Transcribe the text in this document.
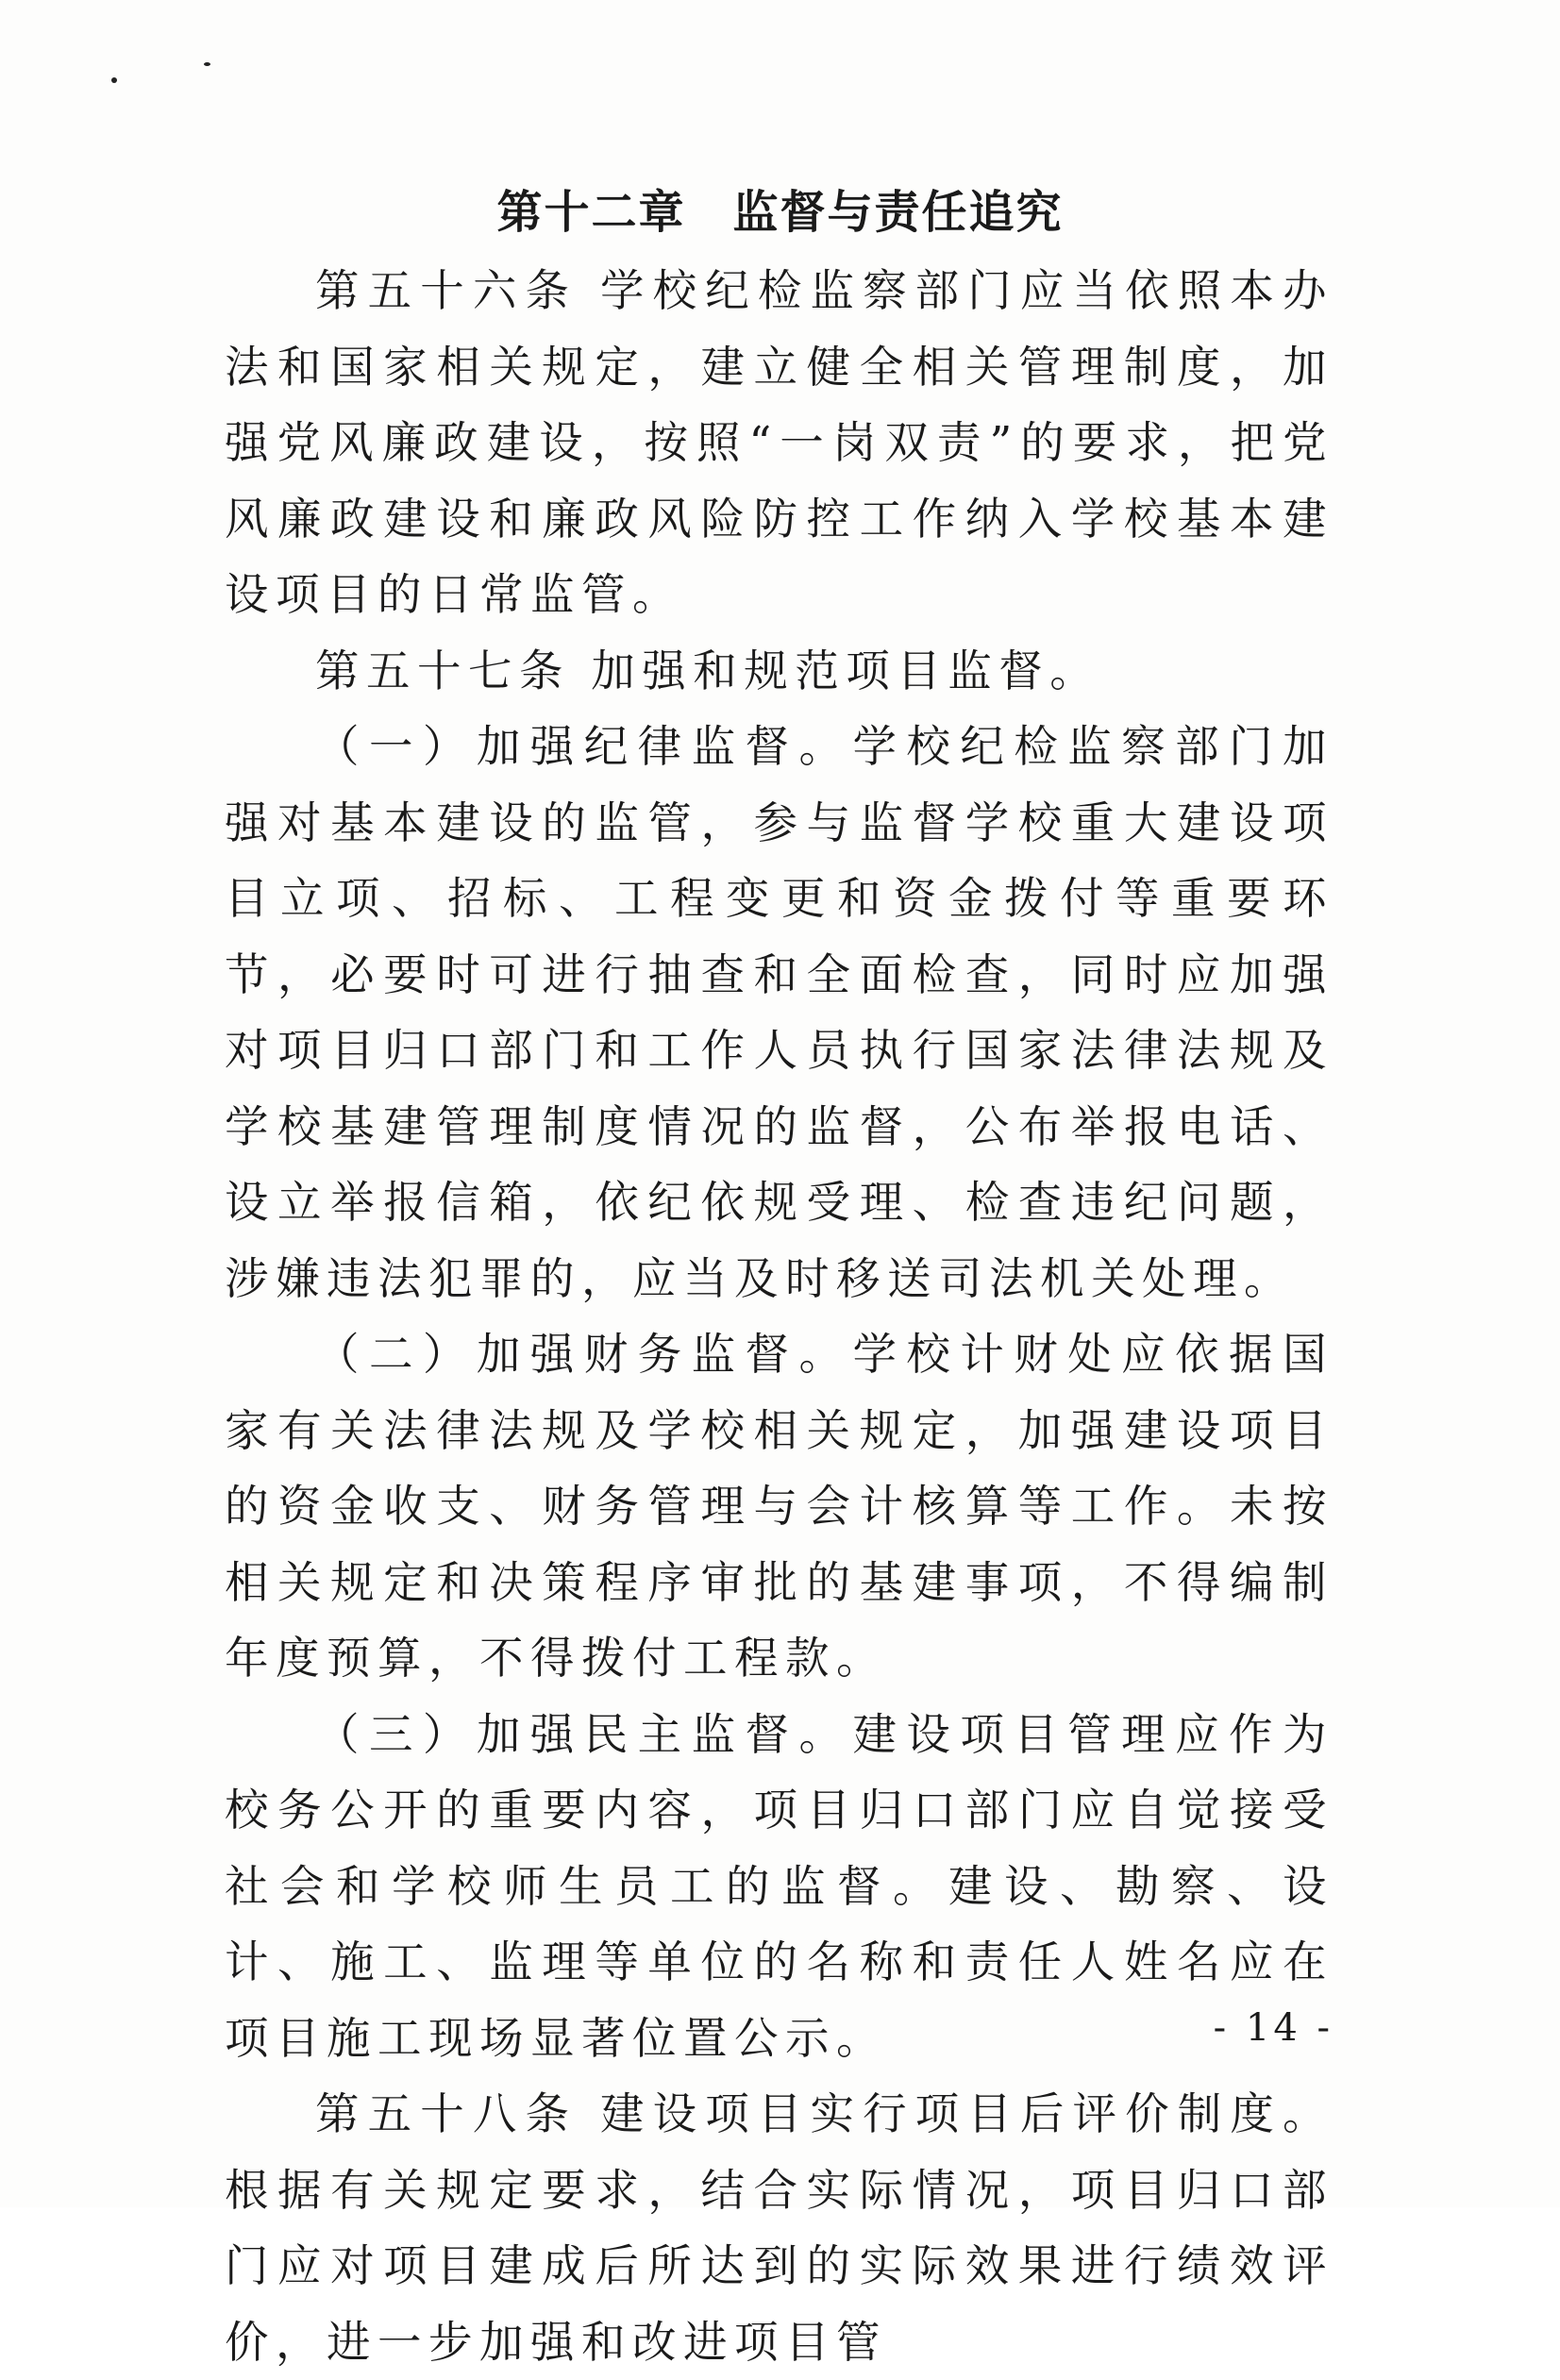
第十二章　监督与责任追究

第五十六条 学校纪检监察部门应当依照本办法和国家相关规定，建立健全相关管理制度，加强党风廉政建设，按照“一岗双责”的要求，把党风廉政建设和廉政风险防控工作纳入学校基本建设项目的日常监管。

第五十七条 加强和规范项目监督。

（一）加强纪律监督。学校纪检监察部门加强对基本建设的监管，参与监督学校重大建设项目立项、招标、工程变更和资金拨付等重要环节，必要时可进行抽查和全面检查，同时应加强对项目归口部门和工作人员执行国家法律法规及学校基建管理制度情况的监督，公布举报电话、设立举报信箱，依纪依规受理、检查违纪问题，涉嫌违法犯罪的，应当及时移送司法机关处理。

（二）加强财务监督。学校计财处应依据国家有关法律法规及学校相关规定，加强建设项目的资金收支、财务管理与会计核算等工作。未按相关规定和决策程序审批的基建事项，不得编制年度预算，不得拨付工程款。

（三）加强民主监督。建设项目管理应作为校务公开的重要内容，项目归口部门应自觉接受社会和学校师生员工的监督。建设、勘察、设计、施工、监理等单位的名称和责任人姓名应在项目施工现场显著位置公示。

第五十八条 建设项目实行项目后评价制度。根据有关规定要求，结合实际情况，项目归口部门应对项目建成后所达到的实际效果进行绩效评价，进一步加强和改进项目管

- 14 -
